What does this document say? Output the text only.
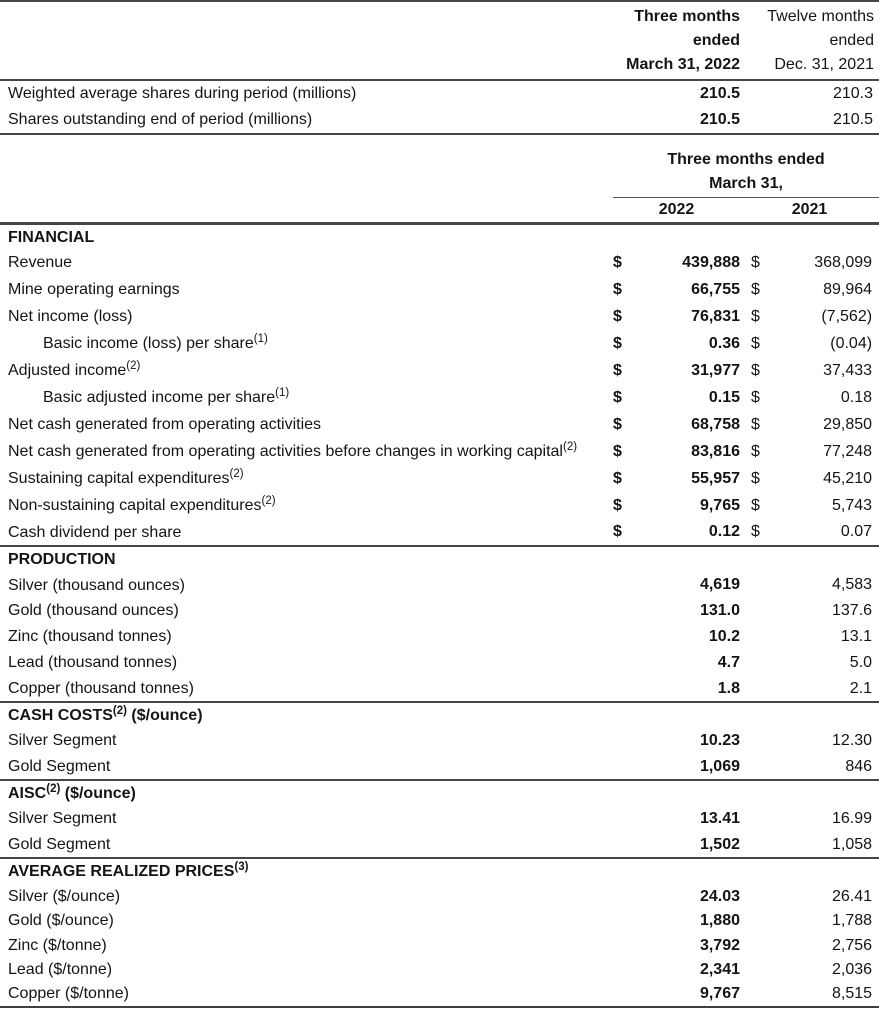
Three months
ended
March 31, 2022

Twelve months
ended
Dec. 31, 2021

Weighted average shares during period (millions)	210.5	210.3
Shares outstanding end of period (millions)	210.5	210.5
	Three months ended			
	March 31,			
	2022		2021	
FINANCIAL				
Revenue	$	439,888	$	368,099
Mine operating earnings	$	66,755	$	89,964
Net income (loss)	$	76,831	$	(7,562)
Basic income (loss) per share$^{(1)}$	$	0.36	$	(0.04)
Adjusted income$^{(2)}$	$	31,977	$	37,433
Basic adjusted income per share$^{(1)}$	$	0.15	$	0.18
Net cash generated from operating activities	$	68,758	$	29,850
Net cash generated from operating activities before changes in working capital$^{(2)}$	$	83,816	$	77,248
Sustaining capital expenditures$^{(2)}$	$	55,957	$	45,210
Non-sustaining capital expenditures$^{(2)}$	$	9,765	$	5,743
Cash dividend per share	$	0.12	$	0.07
PRODUCTION				
Silver (thousand ounces)		4,619		4,583
Gold (thousand ounces)		131.0		137.6
Zinc (thousand tonnes)		10.2		13.1
Lead (thousand tonnes)		4.7		5.0
Copper (thousand tonnes)		1.8		2.1
CASH COSTS$^{(2)}$ ($/ounce)				
Silver Segment		10.23		12.30
Gold Segment		1,069		846
AISC$^{(2)}$ ($/ounce)				
Silver Segment		13.41		16.99
Gold Segment		1,502		1,058
AVERAGE REALIZED PRICES$^{(3)}$
Silver ($/ounce)		24.03		26.41
Gold ($/ounce)		1,880		1,788
Zinc ($/tonne)		3,792		2,756
Lead ($/tonne)		2,341		2,036
Copper ($/tonne)		9,767		8,515
